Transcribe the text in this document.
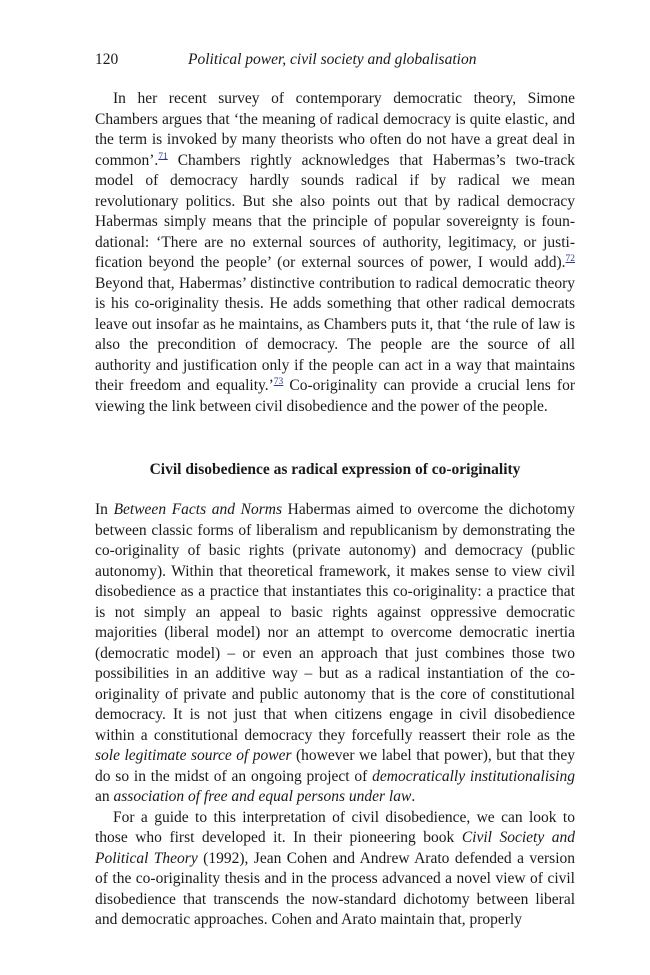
120	Political power, civil society and globalisation

In her recent survey of contemporary democratic theory, Simone Chambers argues that ‘the meaning of radical democracy is quite elastic, and the term is invoked by many theorists who often do not have a great deal in common’.$^{71}$ Chambers rightly acknowledges that Habermas’s two-track model of democracy hardly sounds radical if by radical we mean revolutionary politics. But she also points out that by radical democracy Habermas simply means that the principle of popular sovereignty is foundational: ‘There are no external sources of authority, legitimacy, or justification beyond the people’ (or external sources of power, I would add).$^{72}$ Beyond that, Habermas’ distinctive contribution to radical democratic theory is his co-originality thesis. He adds something that other radical democrats leave out insofar as he maintains, as Chambers puts it, that ‘the rule of law is also the precondition of democracy. The people are the source of all authority and justification only if the people can act in a way that maintains their freedom and equality.’$^{73}$ Co-originality can provide a crucial lens for viewing the link between civil disobedience and the power of the people.

Civil disobedience as radical expression of co-originality

In Between Facts and Norms Habermas aimed to overcome the dichotomy between classic forms of liberalism and republicanism by demonstrating the co-originality of basic rights (private autonomy) and democracy (public autonomy). Within that theoretical framework, it makes sense to view civil disobedience as a practice that instantiates this co-originality: a practice that is not simply an appeal to basic rights against oppressive democratic majorities (liberal model) nor an attempt to overcome democratic inertia (democratic model) – or even an approach that just combines those two possibilities in an additive way – but as a radical instantiation of the co-originality of private and public autonomy that is the core of constitutional democracy. It is not just that when citizens engage in civil disobedience within a constitutional democracy they forcefully reassert their role as the sole legitimate source of power (however we label that power), but that they do so in the midst of an ongoing project of democratically institutionalising an association of free and equal persons under law.

For a guide to this interpretation of civil disobedience, we can look to those who first developed it. In their pioneering book Civil Society and Political Theory (1992), Jean Cohen and Andrew Arato defended a version of the co-originality thesis and in the process advanced a novel view of civil disobedience that transcends the now-standard dichotomy between liberal and democratic approaches. Cohen and Arato maintain that, properly
